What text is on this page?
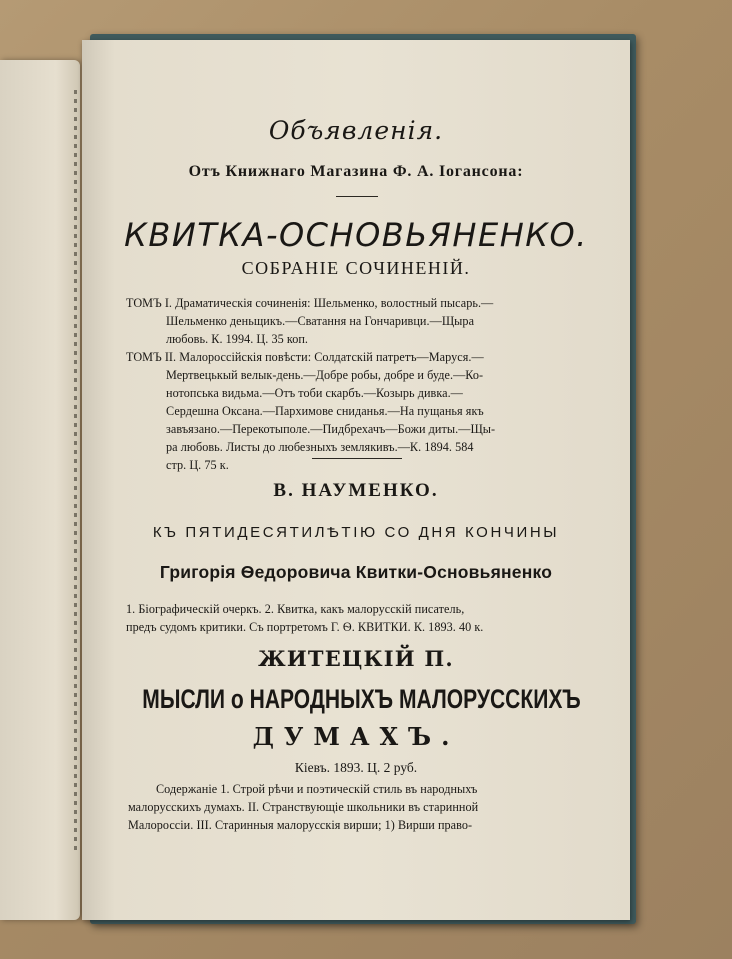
Объявленія.
Отъ Книжнаго Магазина Ф. А. Іогансона:
КВИТКА-ОСНОВЬЯНЕНКО.
СОБРАНІЕ СОЧИНЕНІЙ.
ТОМЪ I. Драматическія сочиненія: Шельменко, волостный пысарь.—
Шельменко деньщикъ.—Сватання на Гончаривци.—Щыра
любовь. К. 1994. Ц. 35 коп.
ТОМЪ II. Малороссійскія повѣсти: Солдатскій патретъ—Маруся.—
Мертвецькый велык-день.—Добре робы, добре и буде.—Ко-
нотопська видьма.—Отъ тоби скарбъ.—Козырь дивка.—
Сердешна Оксана.—Пархимове сниданья.—На пущанья якъ
завъязано.—Перекотыполе.—Пидбрехачъ—Божи диты.—Щы-
ра любовь. Листы до любезныхъ землякивъ.—К. 1894. 584
стр. Ц. 75 к.
В. НАУМЕНКО.
КЪ ПЯТИДЕСЯТИЛѢТІЮ СО ДНЯ КОНЧИНЫ
Григорія Ѳедоровича Квитки-Основьяненко
1. Біографическій очеркъ. 2. Квитка, какъ малорусскій писатель,
предъ судомъ критики. Съ портретомъ Г. Ѳ. КВИТКИ. К. 1893. 40 к.
ЖИТЕЦКІЙ П.
МЫСЛИ о НАРОДНЫХЪ МАЛОРУССКИХЪ
ДУМАХЪ.
Кіевъ. 1893. Ц. 2 руб.
Содержаніе 1. Строй рѣчи и поэтическій стиль въ народныхъ
малорусскихъ думахъ. II. Странствующіе школьники въ старинной
Малороссіи. III. Старинныя малорусскія вирши; 1) Вирши право-
